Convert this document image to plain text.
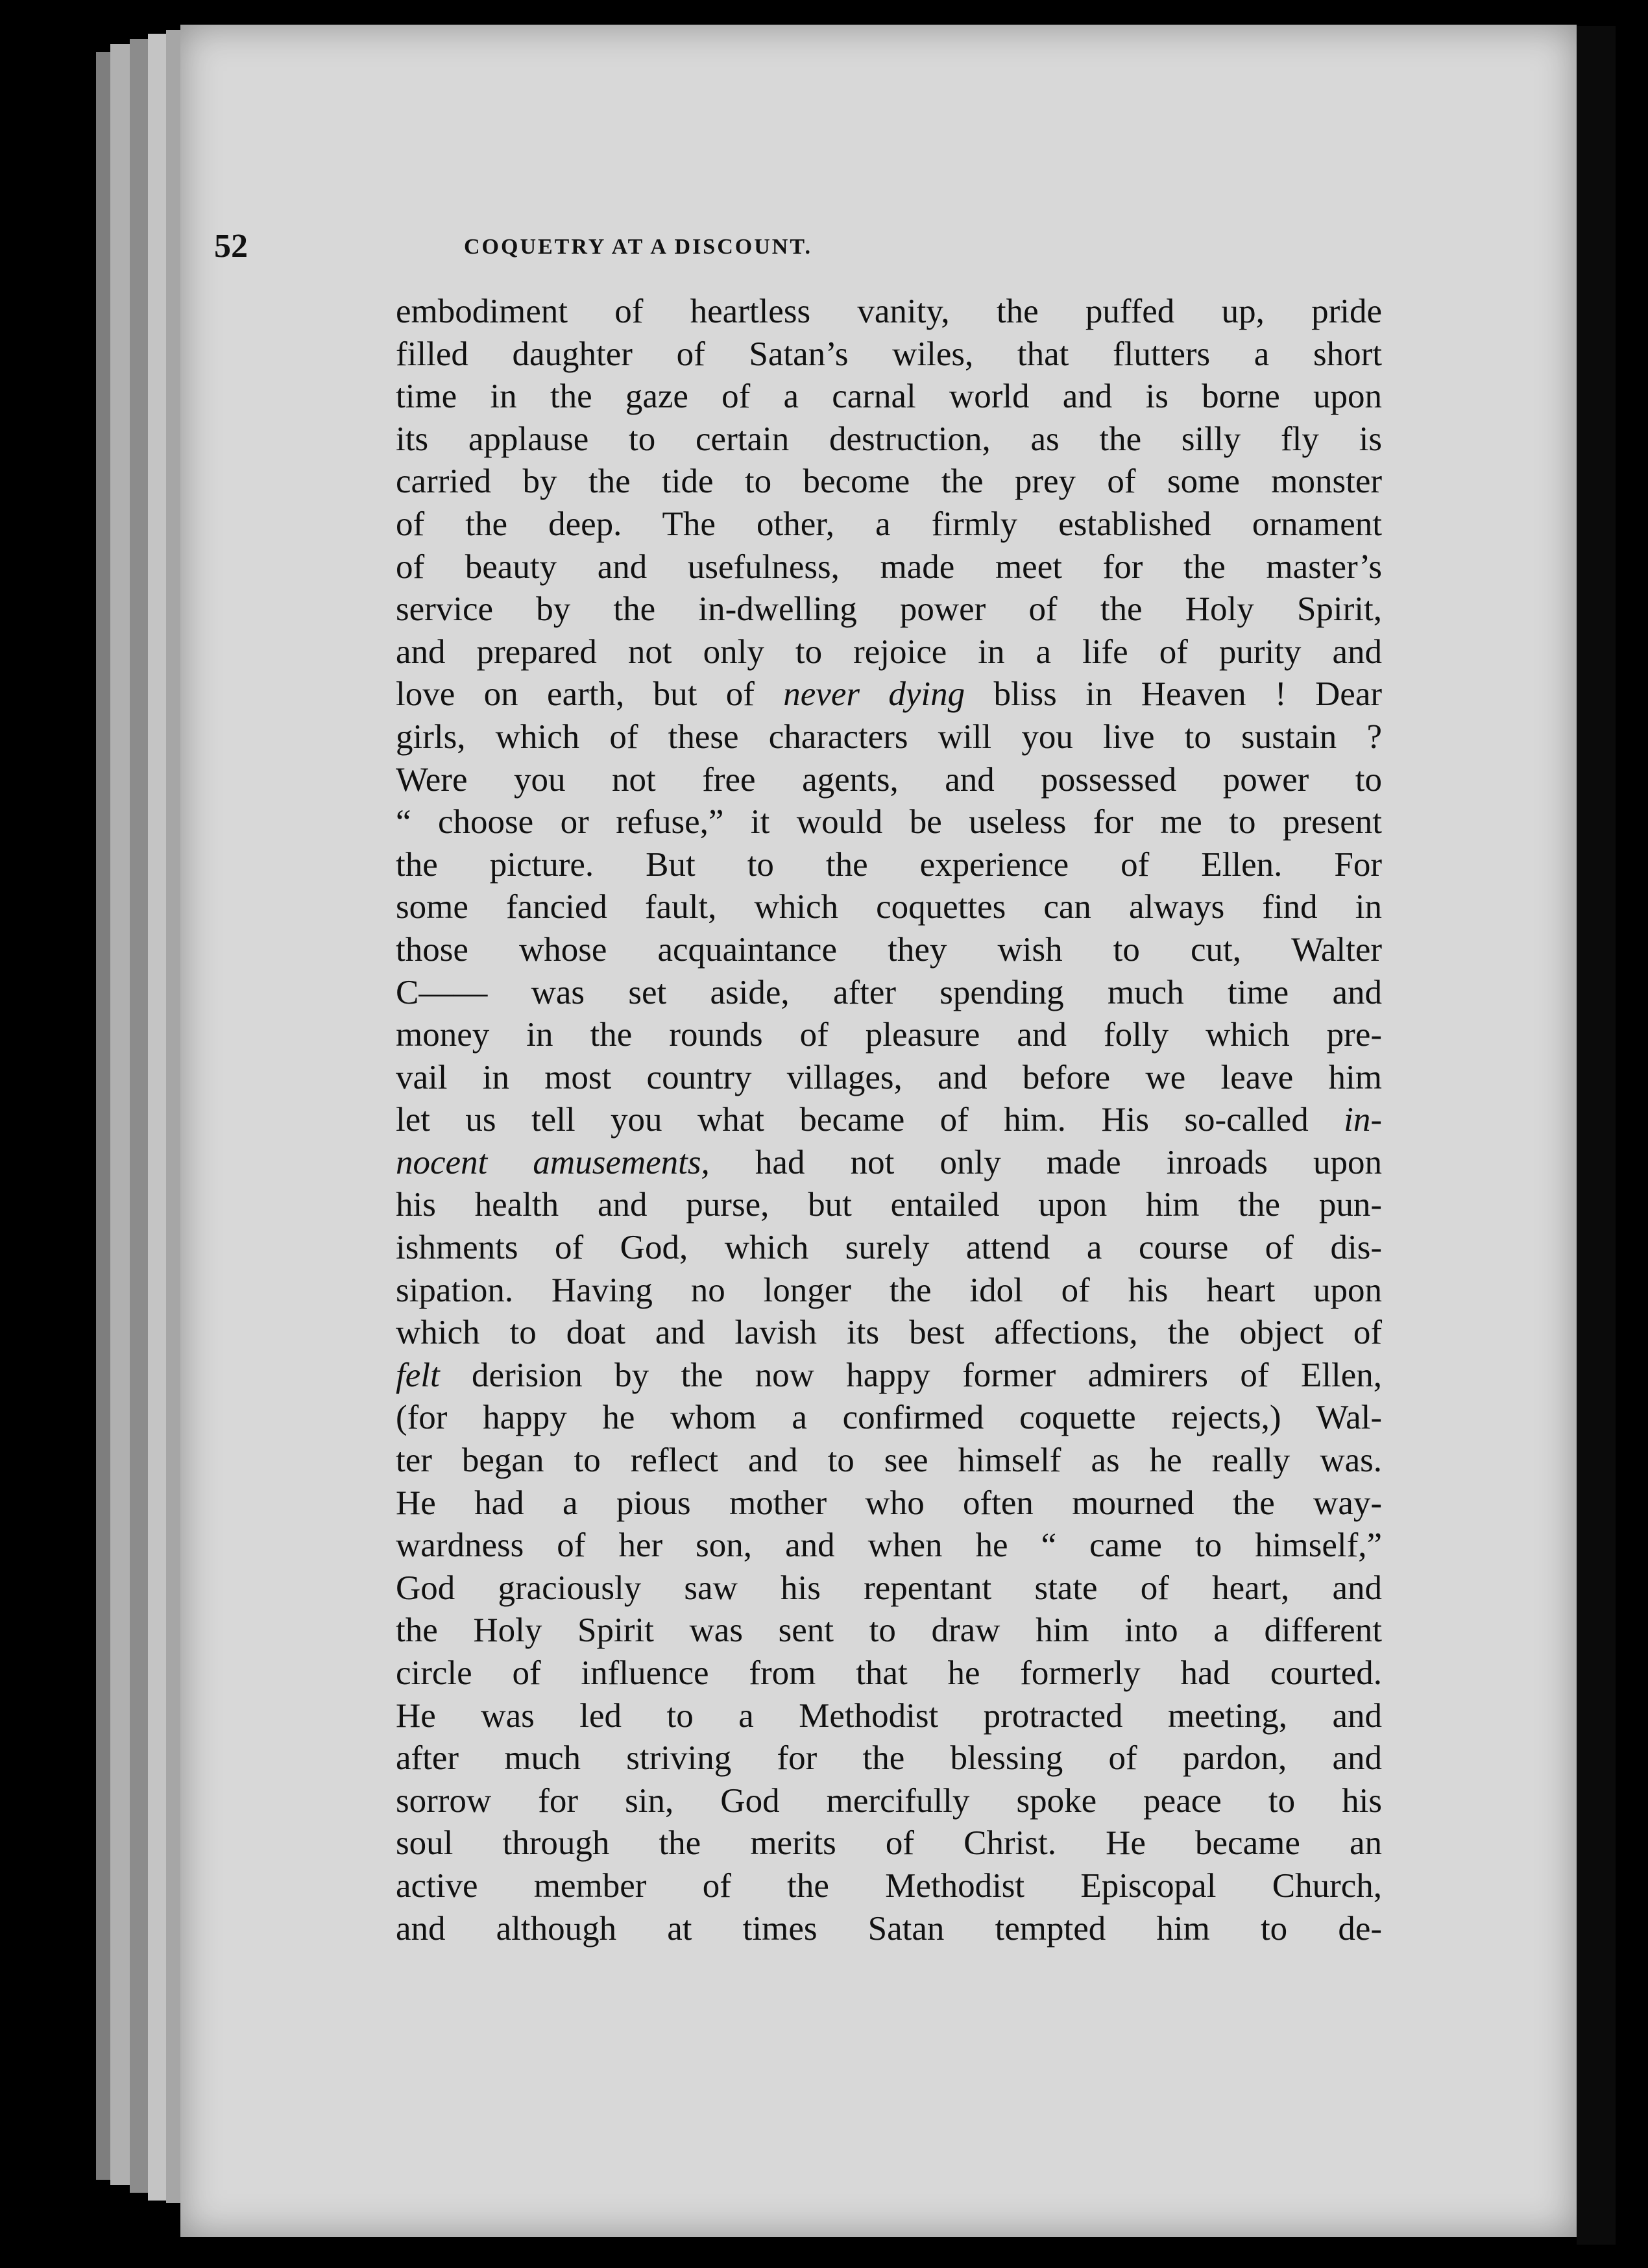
52	COQUETRY AT A DISCOUNT.
embodiment of heartless vanity, the puffed up, pride
filled daughter of Satan’s wiles, that flutters a short
time in the gaze of a carnal world and is borne upon
its applause to certain destruction, as the silly fly is
carried by the tide to become the prey of some monster
of the deep. The other, a firmly established ornament
of beauty and usefulness, made meet for the master’s
service by the in-dwelling power of the Holy Spirit,
and prepared not only to rejoice in a life of purity and
love on earth, but of never dying bliss in Heaven ! Dear
girls, which of these characters will you live to sustain ?
Were you not free agents, and possessed power to
“ choose or refuse,” it would be useless for me to present
the picture. But to the experience of Ellen. For
some fancied fault, which coquettes can always find in
those whose acquaintance they wish to cut, Walter
C—— was set aside, after spending much time and
money in the rounds of pleasure and folly which pre-
vail in most country villages, and before we leave him
let us tell you what became of him. His so-called in-
nocent amusements, had not only made inroads upon
his health and purse, but entailed upon him the pun-
ishments of God, which surely attend a course of dis-
sipation. Having no longer the idol of his heart upon
which to doat and lavish its best affections, the object of
felt derision by the now happy former admirers of Ellen,
(for happy he whom a confirmed coquette rejects,) Wal-
ter began to reflect and to see himself as he really was.
He had a pious mother who often mourned the way-
wardness of her son, and when he “ came to himself,”
God graciously saw his repentant state of heart, and
the Holy Spirit was sent to draw him into a different
circle of influence from that he formerly had courted.
He was led to a Methodist protracted meeting, and
after much striving for the blessing of pardon, and
sorrow for sin, God mercifully spoke peace to his
soul through the merits of Christ. He became an
active member of the Methodist Episcopal Church,
and although at times Satan tempted him to de-
